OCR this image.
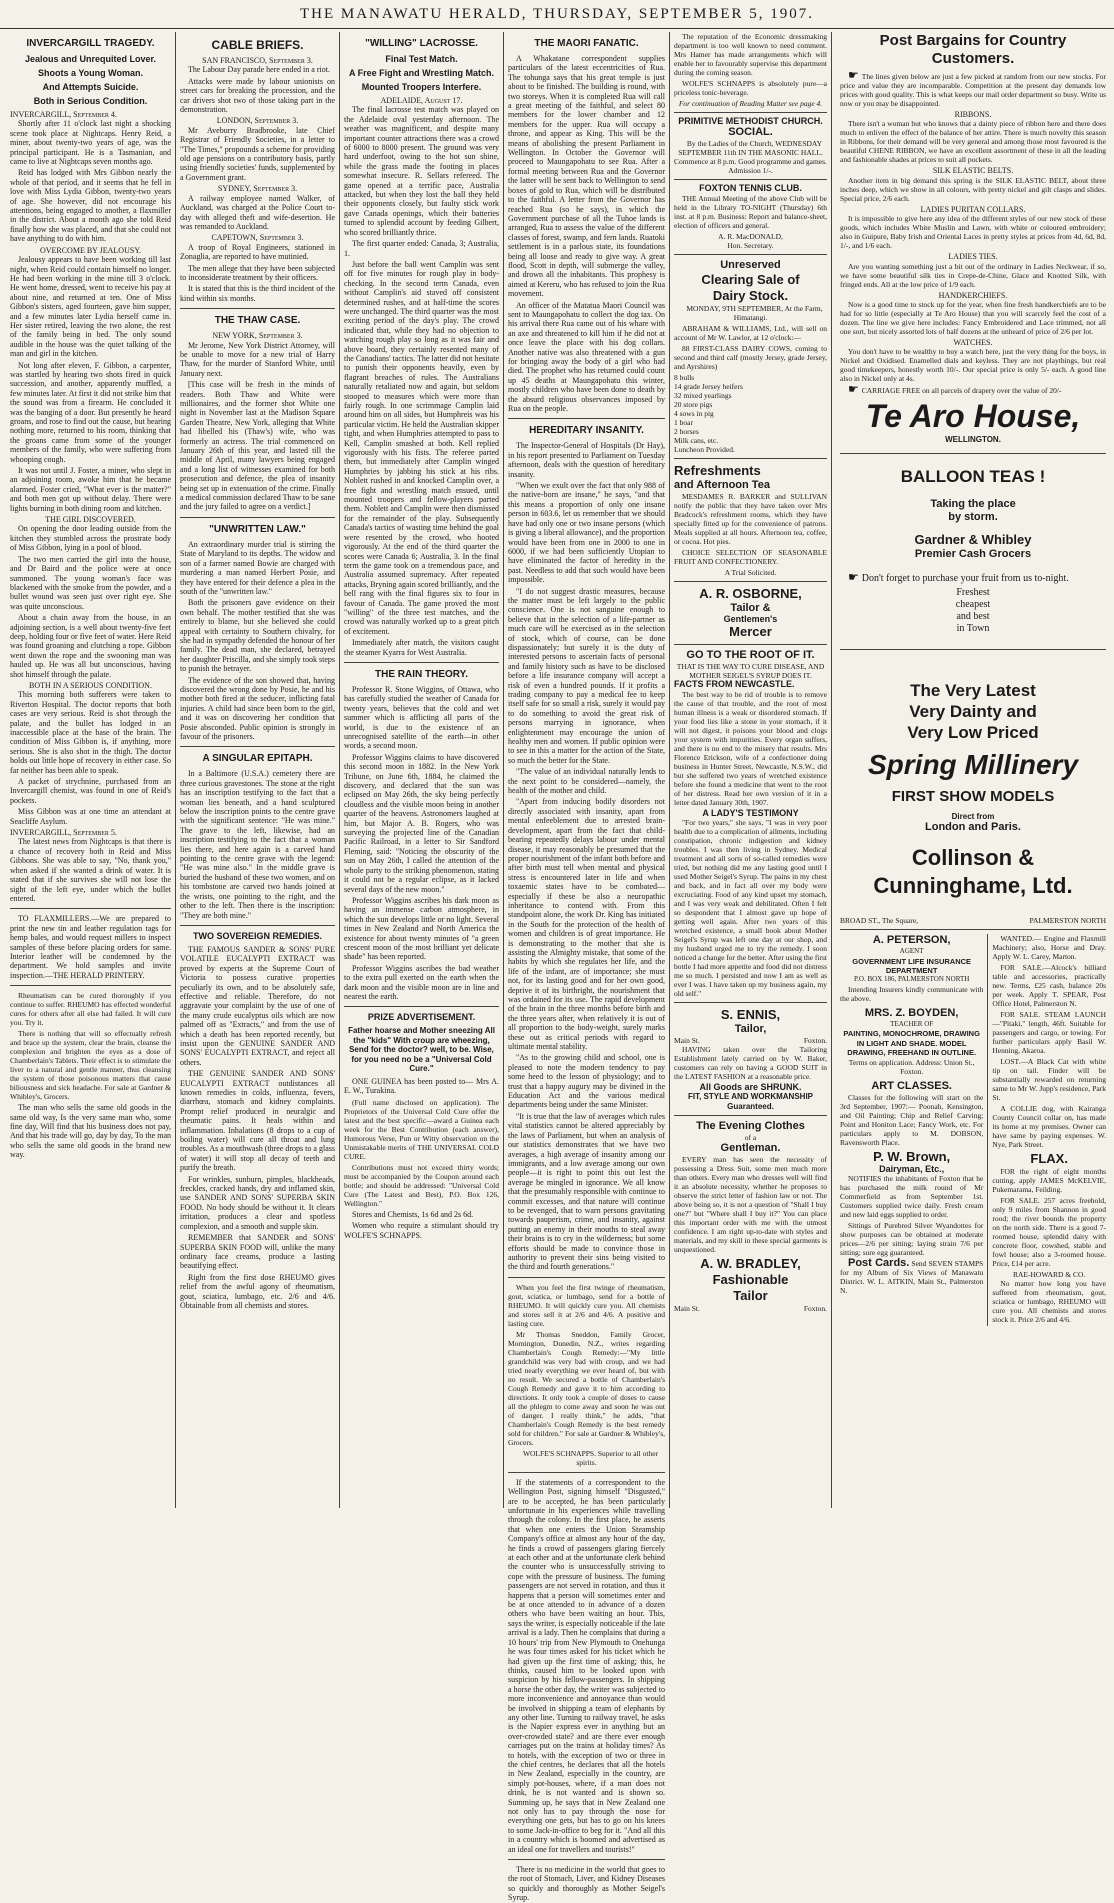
THE MANAWATU HERALD, THURSDAY, SEPTEMBER 5, 1907.
INVERCARGILL TRAGEDY.
Jealous and Unrequited Lover.
Shoots a Young Woman.
And Attempts Suicide.
Both in Serious Condition.
INVERCARGILL, September 4.

Shortly after 11 o'clock last night a shocking scene took place at Nightcaps. Henry Reid, a miner, about twenty-two years of age, was the principal participant. He is a Tasmanian, and came to live at Nightcaps seven months ago.

Reid has lodged with Mrs Gibbon nearly the whole of that period, and it seems that he fell in love with Miss Lydia Gibbon, twenty-two years of age. She however, did not encourage his attentions, being engaged to another, a flaxmiller in the district. About a month ago she told Reid finally how she was placed, and that she could not have anything to do with him.

OVERCOME BY JEALOUSY.

Jealousy appears to have been working till last night, when Reid could contain himself no longer. He had been working in the mine till 3 o'clock. He went home, dressed, went to receive his pay at about nine, and returned at ten. One of Miss Gibbon's sisters, aged fourteen, gave him supper, and a few minutes later Lydia herself came in. Her sister retired, leaving the two alone, the rest of the family being in bed. The only sound audible in the house was the quiet talking of the man and girl in the kitchen.

Not long after eleven, F. Gibbon, a carpenter, was startled by hearing two shots fired in quick succession, and another, apparently muffled, a few minutes later. At first it did not strike him that the sound was from a firearm. He concluded it was the banging of a door. But presently he heard groans, and rose to find out the cause, but hearing nothing more, returned to his room, thinking that the groans came from some of the younger members of the family, who were suffering from whooping cough.

It was not until J. Foster, a miner, who slept in an adjoining room, awoke him that he became alarmed. Foster cried, "What ever is the matter?" and both men got up without delay. There were lights burning in both dining room and kitchen.

THE GIRL DISCOVERED.

On opening the door leading outside from the kitchen they stumbled across the prostrate body of Miss Gibbon, lying in a pool of blood.

The two men carried the girl into the house, and Dr Baird and the police were at once summoned. The young woman's face was blackened with the smoke from the powder, and a bullet wound was seen just over right eye. She was quite unconscious.

About a chain away from the house, in an adjoining section, is a well about twenty-five feet deep, holding four or five feet of water. Here Reid was found groaning and clutching a rope. Gibbon went down the rope and the swooning man was hauled up. He was all but unconscious, having shot himself through the palate.

BOTH IN A SERIOUS CONDITION.

This morning both sufferers were taken to Riverton Hospital. The doctor reports that both cases are very serious. Reid is shot through the palate, and the bullet has lodged in an inaccessible place at the base of the brain. The condition of Miss Gibbon is, if anything, more serious. She is also shot in the thigh. The doctor holds out little hope of recovery in either case. So far neither has been able to speak.

A packet of strychnine, purchased from an Invercargill chemist, was found in one of Reid's pockets.

Miss Gibbon was at one time an attendant at Seacliffe Asylum.

INVERCARGILL, September 5.

The latest news from Nightcaps is that there is a chance of recovery both in Reid and Miss Gibbons. She was able to say, "No, thank you," when asked if she wanted a drink of water. It is stated that if she survives she will not lose the sight of the left eye, under which the bullet entered.

TO FLAXMILLERS.—We are prepared to print the new tin and leather regulation tags for hemp bales, and would request millers to inspect samples of these before placing orders for same. Interior leather will be condemned by the department. We hold samples and invite inspection.—THE HERALD PRINTERY.

Rheumatism can be cured thoroughly if you continue to suffer. RHEUMO has effected wonderful cures for others after all else had failed. It will cure you. Try it.

There is nothing that will so effectually refresh and brace up the system, clear the brain, cleanse the complexion and brighten the eyes as a dose of Chamberlain's Tablets. Their effect is to stimulate the liver to a natural and gentle manner, thus cleansing the system of those poisonous matters that cause biliousness and sick headache. For sale at Gardner & Whibley's, Grocers.

The man who sells the same old goods in the same old way, Is the very same man who, some fine day, Will find that his business does not pay, And that his trade will go, day by day, To the man who sells the same old goods in the brand new way.

CABLE BRIEFS.
SAN FRANCISCO, September 3.

The Labour Day parade here ended in a riot.

Attacks were made by labour unionists on street cars for breaking the procession, and the car drivers shot two of those taking part in the demonstration.

LONDON, September 3.

Mr Aveburry Bradbrooke, late Chief Registrar of Friendly Societies, in a letter to "The Times," propounds a scheme for providing old age pensions on a contributory basis, partly using friendly societies' funds, supplemented by a Government grant.

SYDNEY, September 3.

A railway employee named Walker, of Auckland, was charged at the Police Court to-day with alleged theft and wife-desertion. He was remanded to Auckland.

CAPETOWN, September 3.

A troop of Royal Engineers, stationed in Zonaglia, are reported to have mutinied.

The men allege that they have been subjected to inconsiderate treatment by their officers.

It is stated that this is the third incident of the kind within six months.

THE THAW CASE.
NEW YORK, September 3.

Mr Jerome, New York District Attorney, will be unable to move for a new trial of Harry Thaw, for the murder of Stanford White, until January next.

[This case will be fresh in the minds of readers. Both Thaw and White were millionaires, and the former shot White one night in November last at the Madison Square Garden Theatre, New York, alleging that White had libelled his (Thaw's) wife, who was formerly an actress. The trial commenced on January 26th of this year, and lasted till the middle of April, many lawyers being engaged and a long list of witnesses examined for both prosecution and defence, the plea of insanity being set up in extenuation of the crime. Finally a medical commission declared Thaw to be sane and the jury failed to agree on a verdict.]

"UNWRITTEN LAW."

An extraordinary murder trial is stirring the State of Maryland to its depths. The widow and son of a farmer named Bowie are charged with murdering a man named Herbert Posie, and they have entered for their defence a plea in the south of the "unwritten law."

Both the prisoners gave evidence on their own behalf. The mother testified that she was entirely to blame, but she believed she could appeal with certainty to Southern chivalry, for she had in sympathy defended the honour of her family. The dead man, she declared, betrayed her daughter Priscilla, and she simply took steps to punish the betrayer.

The evidence of the son showed that, having discovered the wrong done by Posie, he and his mother both fired at the seducer, inflicting fatal injuries. A child had since been born to the girl, and it was on discovering her condition that Posie absconded. Public opinion is strongly in favour of the prisoners.

A SINGULAR EPITAPH.

In a Baltimore (U.S.A.) cemetery there are three curious gravestones. The stone at the right has an inscription testifying to the fact that a woman lies beneath, and a hand sculptured below the inscription points to the centre grave with the significant sentence: "He was mine." The grave to the left, likewise, had an inscription testifying to the fact that a woman lies there, and here again is a carved hand pointing to the centre grave with the legend: "He was mine also." In the middle grave is buried the husband of these two women, and on his tombstone are carved two hands joined at the wrists, one pointing to the right, and the other to the left. Then there is the inscription: "They are both mine."

TWO SOVEREIGN REMEDIES.

THE FAMOUS SANDER & SONS' PURE VOLATILE EUCALYPTI EXTRACT was proved by experts at the Supreme Court of Victoria to possess curative properties peculiarly its own, and to be absolutely safe, effective and reliable. Therefore, do not aggravate your complaint by the use of one of the many crude eucalyptus oils which are now palmed off as "Extracts," and from the use of which a death has been reported recently, but insist upon the GENUINE SANDER AND SONS' EUCALYPTI EXTRACT, and reject all others.

THE GENUINE SANDER AND SONS' EUCALYPTI EXTRACT outdistances all known remedies in colds, influenza, fevers, diarrhœa, stomach and kidney complaints. Prompt relief produced in neuralgic and rheumatic pains. It heals within and inflammation. Inhalations (8 drops to a cup of boiling water) will cure all throat and lung troubles. As a mouthwash (three drops to a glass of water) it will stop all decay of teeth and purify the breath.

For wrinkles, sunburn, pimples, blackheads, freckles, cracked hands, dry and inflamed skin, use SANDER AND SONS' SUPERBA SKIN FOOD. No body should be without it. It clears irritation, produces a clear and spotless complexion, and a smooth and supple skin.

REMEMBER that SANDER and SONS' SUPERBA SKIN FOOD will, unlike the many ordinary face creams, produce a lasting beautifying effect.

Right from the first dose RHEUMO gives relief from the awful agony of rheumatism, gout, sciatica, lumbago, etc. 2/6 and 4/6. Obtainable from all chemists and stores.

"WILLING" LACROSSE.
Final Test Match.
A Free Fight and Wrestling Match.
Mounted Troopers Interfere.
ADELAIDE, August 17.

The final lacrosse test match was played on the Adelaide oval yesterday afternoon. The weather was magnificent, and despite many important counter attractions there was a crowd of 6000 to 8000 present. The ground was very hard underfoot, owing to the hot sun shine, while the grass made the footing in places somewhat insecure. R. Sellars refereed. The game opened at a terrific pace, Australia attacked, but when they lost the ball they held their opponents closely, but faulty stick work gave Canada openings, which their batteries turned to splendid account by feeding Gilbert, who scored brilliantly thrice.

The first quarter ended: Canada, 3; Australia, 1.

Just before the ball went Camplin was sent off for five minutes for rough play in body-checking. In the second term Canada, even without Camplin's aid staved off consistent determined rushes, and at half-time the scores were unchanged. The third quarter was the most exciting period of the day's play. The crowd indicated that, while they had no objection to watching rough play so long as it was fair and above board, they certainly resented many of the Canadians' tactics. The latter did not hesitate to punish their opponents heavily, even by flagrant breaches of rules. The Australians naturally retaliated now and again, but seldom stooped to measures which were more than fairly rough. In one scrimmage Camplin laid around him on all sides, but Humphreis was his particular victim. He held the Australian skipper tight, and when Humphries attempted to pass to Kell, Camplin smashed at both. Kell replied vigorously with his fists. The referee parted them, but immediately after Camplin winged Humphries by jabbing his stick at his ribs. Noblett rushed in and knocked Camplin over, a free fight and wrestling match ensued, until mounted troopers and fellow-players parted them. Noblett and Camplin were then dismissed for the remainder of the play. Subsequently Canada's tactics of wasting time behind the goal were resented by the crowd, who hooted vigorously. At the end of the third quarter the scores were Canada 6; Australia, 3. In the final term the game took on a tremendous pace, and Australia assumed supremacy. After repeated attacks, Bryning again scored brilliantly, and the bell rang with the final figures six to four in favour of Canada. The game proved the most "willing" of the three test matches, and the crowd was naturally worked up to a great pitch of excitement.

Immediately after match, the visitors caught the steamer Kyarra for West Australia.

THE RAIN THEORY.

Professor R. Stone Wiggins, of Ottawa, who has carefully studied the weather of Canada for twenty years, believes that the cold and wet summer which is afflicting all parts of the world, is due to the existence of an unrecognised satellite of the earth—in other words, a second moon.

Professor Wiggins claims to have discovered this second moon in 1882. In the New York Tribune, on June 6th, 1884, he claimed the discovery, and declared that the sun was eclipsed on May 26th, the sky being perfectly cloudless and the visible moon being in another quarter of the heavens. Astronomers laughed at him, but Major A. B. Rogers, who was surveying the projected line of the Canadian Pacific Railroad, in a letter to Sir Sandford Fleming, said: "Noticing the obscurity of the sun on May 26th, I called the attention of the whole party to the striking phenomenon, stating it could not be a regular eclipse, as it lacked several days of the new moon."

Professor Wiggins ascribes his dark moon as having an immense carbon atmosphere, in which the sun develops little or no light. Several times in New Zealand and North America the existence for about twenty minutes of "a green crescent moon of the most brilliant yet delicate shade" has been reported.

Professor Wiggins ascribes the bad weather to the extra pull exerted on the earth when the dark moon and the visible moon are in line and nearest the earth.

PRIZE ADVERTISEMENT.
Father hoarse and Mother sneezing All the "kids" With croup are wheezing, Send for the doctor? well, to be. Wise, for you need no be a "Universal Cold Cure."

ONE GUINEA has been posted to— Mrs A. E. W., Turakina.

(Full name disclosed on application). The Proprietors of the Universal Cold Cure offer the latest and the best specific—award a Guinea each week for the Best Contribution (each answer), Humorous Verse, Pun or Witty observation on the Unmistakable merits of THE UNIVERSAL COLD CURE.

Contributions must not exceed thirty words; must be accompanied by the Coupon around each bottle; and should be addressed: "Universal Cold Cure (The Latest and Best), P.O. Box 126, Wellington."

Stores and Chemists, 1s 6d and 2s 6d.

Women who require a stimulant should try WOLFE'S SCHNAPPS.

THE MAORI FANATIC.

A Whakatane correspondent supplies particulars of the latest eccentricities of Rua. The tohunga says that his great temple is just about to be finished. The building is round, with two storeys. When it is completed Rua will call a great meeting of the faithful, and select 80 members for the lower chamber and 12 members for the upper. Rua will occupy a throne, and appear as King. This will be the means of abolishing the present Parliament in Wellington. In October the Governor will proceed to Maungapohatu to see Rua. After a formal meeting between Rua and the Governor the latter will be sent back to Wellington to send boxes of gold to Rua, which will be distributed to the faithful. A letter from the Governor has reached Rua (so he says), in which the Government purchase of all the Tuhoe lands is arranged, Rua to assess the value of the different classes of forest, swamp, and fern lands. Ruatoki settlement is in a parlous state, its foundations being all loose and ready to give way. A great flood, Scott in depth, will submerge the valley, and drown all the inhabitants. This prophesy is aimed at Kereru, who has refused to join the Rua movement.

An officer of the Matatua Maori Council was sent to Maungapohatu to collect the dog tax. On his arrival there Rua came out of his whare with an axe and threatened to kill him if he did not at once leave the place with his dog collars. Another native was also threatened with a gun for bringing away the body of a girl who had died. The prophet who has returned could count up 45 deaths at Maungapohatu this winter, mostly children who have been done to death by the absurd religious observances imposed by Rua on the people.

HEREDITARY INSANITY.

The Inspector-General of Hospitals (Dr Hay), in his report presented to Parliament on Tuesday afternoon, deals with the question of hereditary insanity.

"When we exult over the fact that only 988 of the native-born are insane," he says, "and that this means a proportion of only one insane person in 603.6, let us remember that we should have had only one or two insane persons (which is giving a liberal allowance), and the proportion would have been from one in 2000 to one in 6000, if we had been sufficiently Utopian to have eliminated the factor of heredity in the past. Needless to add that such would have been impossible.

"I do not suggest drastic measures, because the matter must be left largely to the public conscience. One is not sanguine enough to believe that in the selection of a life-partner as much care will be exercised as in the selection of stock, which of course, can be done dispassionately; but surely it is the duty of interested persons to ascertain facts of personal and family history such as have to be disclosed before a life insurance company will accept a risk of even a hundred pounds. If it profits a trading company to pay a medical fee to keep itself safe for so small a risk, surely it would pay to do something to avoid the great risk of persons marrying in ignorance, when enlightenment may encourage the union of healthy men and women. If public opinion were to see in this a matter for the action of the State, so much the better for the State.

"The value of an individual naturally lends to the next point to be considered—namely, the health of the mother and child.

"Apart from inducing bodily disorders not directly associated with insanity, apart from mental enfeeblement due to arrested brain-development, apart from the fact that child-bearing repeatedly delays labour under mental disease, it may reasonably be presumed that the proper nourishment of the infant both before and after birth must tell when mental and physical stress is encountered later in life and when toxaemic states have to be combated—especially if these be also a neuropathic inheritance to contend with. From this standpoint alone, the work Dr. King has initiated in the South for the protection of the health of women and children is of great importance. He is demonstrating to the mother that she is assisting the Almighty mistake, that some of the habits by which she regulates her life, and the life of the infant, are of importance; she must not, for its lasting good and for her own good, deprive it of its birthright, the nourishment that was ordained for its use. The rapid development of the brain in the three months before birth and the three years after, when relatively it is out of all proportion to the body-weight, surely marks these out as critical periods with regard to ultimate mental stability.

"As to the growing child and school, one is pleased to note the modern tendency to pay some heed to the lesson of physiology; and to trust that a happy augury may be divined in the Education Act and the various medical departments being under the same Minister.

"It is true that the law of averages which rules vital statistics cannot be altered appreciably by the laws of Parliament, but when an analysis of our statistics demonstrates that we have two averages, a high average of insanity among our immigrants, and a low average among our own people—it is right to point this out lest the average be mingled in ignorance. We all know that the presumably responsible with continue to commit excesses, and that nature will continue to be revenged, that to warn persons gravitating towards pauperism, crime, and insanity, against putting an enemy in their mouths to steal away their brains is to cry in the wilderness; but some efforts should be made to convince those in authority to prevent their sins being visited to the third and fourth generations."

When you feel the first twinge of rheumatism, gout, sciatica, or lumbago, send for a bottle of RHEUMO. It will quickly cure you. All chemists and stores sell it at 2/6 and 4/6. A positive and lasting cure.

Mr Thomas Sneddon, Family Grocer, Mornington, Dunedin, N.Z., writes regarding Chamberlain's Cough Remedy:—"My little grandchild was very bad with croup, and we had tried nearly everything we ever heard of, but with no result. We secured a bottle of Chamberlain's Cough Remedy and gave it to him according to directions. It only took a couple of doses to cause all the phlegm to come away and soon he was out of danger. I really think," he adds, "that Chamberlain's Cough Remedy is the best remedy sold for children." For sale at Gardner & Whibley's, Grocers.

WOLFE'S SCHNAPPS. Superior to all other spirits.

If the statements of a correspondent to the Wellington Post, signing himself "Disgusted," are to be accepted, he has been particularly unfortunate in his experiences while travelling through the colony. In the first place, he asserts that when one enters the Union Steamship Company's office at almost any hour of the day, he finds a crowd of passengers glaring fiercely at each other and at the unfortunate clerk behind the counter who is unsuccessfully striving to cope with the pressure of business. The fuming passengers are not served in rotation, and thus it happens that a person will sometimes enter and be at once attended to in advance of a dozen others who have been waiting an hour. This, says the writer, is especially noticeable if the late arrival is a lady. Then he complains that during a 10 hours' trip from New Plymouth to Onehunga he was four times asked for his ticket which he had given up the first time of asking; this, he thinks, caused him to be looked upon with suspicion by his fellow-passengers. In shipping a horse the other day, the writer was subjected to more inconvenience and annoyance than would be involved in shipping a team of elephants by any other line. Turning to railway travel, he asks is the Napier express ever in anything but an over-crowded state? and are there ever enough carriages put on the trains at holiday times? As to hotels, with the exception of two or three in the chief centres, he declares that all the hotels in New Zealand, especially in the country, are simply pot-houses, where, if a man does not drink, he is not wanted and is shown so. Summing up, he says that in New Zealand one not only has to pay through the nose for everything one gets, but has to go on his knees to some Jack-in-office to beg for it. "And all this in a country which is boomed and advertised as an ideal one for travellers and tourists!"

There is no medicine in the world that goes to the root of Stomach, Liver, and Kidney Diseases so quickly and thoroughly as Mother Seigel's Syrup.

The reputation of the Economic dressmaking department is too well known to need comment. Mrs Hamer has made arrangements which will enable her to favourably supervise this department during the coming season.

WOLFE'S SCHNAPPS is absolutely pure—a priceless tonic-beverage.

For continuation of Reading Matter see page 4.
PRIMITIVE METHODIST CHURCH.
SOCIAL.

By the Ladies of the Church, WEDNESDAY SEPTEMBER 11th IN THE MASONIC HALL. Commence at 8 p.m. Good programme and games. Admission 1/-.

FOXTON TENNIS CLUB.

THE Annual Meeting of the above Club will be held in the Library TO-NIGHT (Thursday) 6th inst. at 8 p.m. Business: Report and balance-sheet, election of officers and general.

A. R. MacDONALD,
Hon. Secretary.
Unreserved
Clearing Sale of
Dairy Stock.

MONDAY, 9TH SEPTEMBER, At the Farm, Himatangi.

ABRAHAM & WILLIAMS, Ltd., will sell on account of Mr W. Lawlor, at 12 o'clock:—

88 FIRST-CLASS DAIRY COWS, coming to second and third calf (mostly Jersey, grade Jersey, and Ayrshires)

8 bulls
14 grade Jersey heifers
32 mixed yearlings
20 store pigs
4 sows in pig
1 boar
2 horses
Milk cans, etc.
Luncheon Provided.
Refreshments
and Afternoon Tea

MESDAMES R. BARKER and SULLIVAN notify the public that they have taken over Mrs Bradcock's refreshment rooms, which they have specially fitted up for the convenience of patrons. Meals supplied at all hours. Afternoon tea, coffee, or cocoa. Hot pies.

CHOICE SELECTION OF SEASONABLE FRUIT AND CONFECTIONERY.

A Trial Solicited.
A. R. OSBORNE,
Tailor &
Gentlemen's
Mercer
GO TO THE ROOT OF IT.
THAT IS THE WAY TO CURE DISEASE, AND MOTHER SEIGEL'S SYRUP DOES IT.
FACTS FROM NEWCASTLE.

The best way to be rid of trouble is to remove the cause of that trouble, and the root of most human illness is a weak or disordered stomach. If your food lies like a stone in your stomach, if it will not digest, it poisons your blood and clogs your system with impurities. Every organ suffers, and there is no end to the misery that results. Mrs Florence Erickson, wife of a confectioner doing business in Hunter Street, Newcastle, N.S.W., did but she suffered two years of wretched existence before she found a medicine that went to the root of her distress. Read her own version of it in a letter dated January 30th, 1907.

A LADY'S TESTIMONY

"For two years," she says, "I was in very poor health due to a complication of ailments, including constipation, chronic indigestion and kidney troubles. I was then living in Sydney. Medical treatment and all sorts of so-called remedies were tried, but nothing did me any lasting good until I used Mother Seigel's Syrup. The pains in my chest and back, and in fact all over my body were excruciating. Food of any kind upset my stomach, and I was very weak and debilitated. Often I felt so despondent that I almost gave up hope of getting well again. After two years of this wretched existence, a small book about Mother Seigel's Syrup was left one day at our shop, and my husband urged me to try the remedy. I soon noticed a change for the better. After using the first bottle I had more appetite and food did not distress me so much. I persisted and now I am as well as ever I was. I have taken up my business again, my old self."

S. ENNIS,
Tailor,
Main St.	Foxton.

HAVING taken over the Tailoring Establishment lately carried on by W. Baker, customers can rely on having a GOOD SUIT in the LATEST FASHION at a reasonable price.

All Goods are SHRUNK.
FIT, STYLE AND WORKMANSHIP Guaranteed.
The Evening Clothes
of a
Gentleman.

EVERY man has seen the necessity of possessing a Dress Suit, some men much more than others. Every man who dresses well will find it an absolute necessity, whether he proposes to observe the strict letter of fashion law or not. The above being so, it is not a question of "Shall I buy one?" but "Where shall I buy it?" You can place this important order with me with the utmost confidence. I am right up-to-date with styles and materials, and my skill in these special garments is unquestioned.

A. W. BRADLEY,
Fashionable
Tailor
Main St.	Foxton.
Post Bargains for Country Customers.

☛ The lines given below are just a few picked at random from our new stocks. For price and value they are incomparable. Competition at the present day demands low prices with good quality. This is what keeps our mail order department so busy. Write us now or you may be disappointed.

RIBBONS.

There isn't a woman but who knows that a dainty piece of ribbon here and there does much to enliven the effect of the balance of her attire. There is much novelty this season in Ribbons, for their demand will be very general and among those most favoured is the beautiful CHENE RIBBON, we have an excellent assortment of these in all the leading and fashionable shades at prices to suit all pockets.

SILK ELASTIC BELTS.

Another item in big demand this spring is the SILK ELASTIC BELT, about three inches deep, which we show in all colours, with pretty nickel and gilt clasps and slides. Special price, 2/6 each.

LADIES PURITAN COLLARS.

It is impossible to give here any idea of the different styles of our new stock of these goods, which includes White Muslin and Lawn, with white or coloured embroidery; also in Guipure, Baby Irish and Oriental Laces in pretty styles at prices from 4d, 6d, 8d, 1/-, and 1/6 each.

LADIES TIES.

Are you wanting something just a bit out of the ordinary in Ladies Neckwear, if so, we have some beautiful silk ties in Crepe-de-Chine, Glace and Knotted Silk, with fringed ends. All at the low price of 1/9 each.

HANDKERCHIEFS.

Now is a good time to stock up for the year, when fine fresh handkerchiefs are to be had for so little (especially at Te Aro House) that you will scarcely feel the cost of a dozen. The line we give here includes: Fancy Embroidered and Lace trimmed, not all one sort, but nicely assorted lots of half dozens at the unheard of price of 2/6 per lot.

WATCHES.

You don't have to be wealthy to buy a watch here, just the very thing for the boys, in Nickel and Oxidised. Enamelled dials and keyless. They are not playthings, but real good timekeepers, honestly worth 10/-. Our special price is only 5/- each. A good line also in Nickel only at 4s.

☛ CARRIAGE FREE on all parcels of drapery over the value of 20/-

Te Aro House,
WELLINGTON.
BALLOON TEAS !
Taking the place
by storm.
Gardner & Whibley
Premier Cash Grocers

☛ Don't forget to purchase your fruit from us to-night.

Freshest
cheapest
and best
in Town
The Very Latest
Very Dainty and
Very Low Priced
Spring Millinery
FIRST SHOW MODELS
Direct from
London and Paris.
Collinson &
Cunninghame, Ltd.
BROAD ST., The Square,	PALMERSTON NORTH
A. PETERSON,
AGENT
GOVERNMENT LIFE INSURANCE DEPARTMENT
P.O. BOX 186, PALMERSTON NORTH

Intending Insurers kindly communicate with the above.

MRS. Z. BOYDEN,
TEACHER OF
PAINTING, MONOCHROME, DRAWING IN LIGHT AND SHADE. MODEL DRAWING, FREEHAND IN OUTLINE.
Terms on application. Address: Union St., Foxton.
ART CLASSES.

Classes for the following will start on the 3rd September, 1907:— Poonah, Kensington, and Oil Painting; Chip and Relief Carving; Point and Honiton Lace; Fancy Work, etc. For particulars apply to M. DOBSON, Ravensworth Place.

P. W. Brown,
Dairyman, Etc.,

NOTIFIES the inhabitants of Foxton that he has purchased the milk round of Mr Commerfield as from September 1st. Customers supplied twice daily. Fresh cream and new laid eggs supplied to order.

Sittings of Purebred Silver Wyandottes for show purposes can be obtained at moderate prices—2/6 per sitting; laying strain 7/6 per sitting; sure egg guaranteed.

Post Cards. Send SEVEN STAMPS for my Album of Six Views of Manawatu District. W. L. AITKIN, Main St., Palmerston N.

WANTED.— Engine and Flaxmill Machinery; also, Horse and Dray. Apply W. L. Carey, Marton.

FOR SALE.—Alcock's billiard table and accessories, practically new. Terms, £25 cash, balance 20s per week. Apply T. SPEAR, Post Office Hotel, Palmerston N.

FOR SALE. STEAM LAUNCH—"Pitaki," length, 46ft. Suitable for passengers and cargo, or towing. For further particulars apply Basil W. Henning, Akaroa.

LOST.—A Black Cat with white tip on tail. Finder will be substantially rewarded on returning same to Mr W. Jupp's residence, Park St.

A COLLIE dog, with Kairanga County Council collar on, has made its home at my premises. Owner can have same by paying expenses. W. Nye, Park Street.

FLAX.

FOR the right of eight months cutting, apply JAMES McKELVIE, Pukemarama, Feilding.

FOR SALE. 257 acres freehold, only 9 miles from Shannon in good rood; the river bounds the property on the north side. There is a good 7-roomed house, splendid dairy with concrete floor, cowshed, stable and fowl house; also a 3-roomed house. Price, £14 per acre.

RAE-HOWARD & CO.

No matter how long you have suffered from rheumatism, gout, sciatica or lumbago, RHEUMO will cure you. All chemists and stores stock it. Price 2/6 and 4/6.
